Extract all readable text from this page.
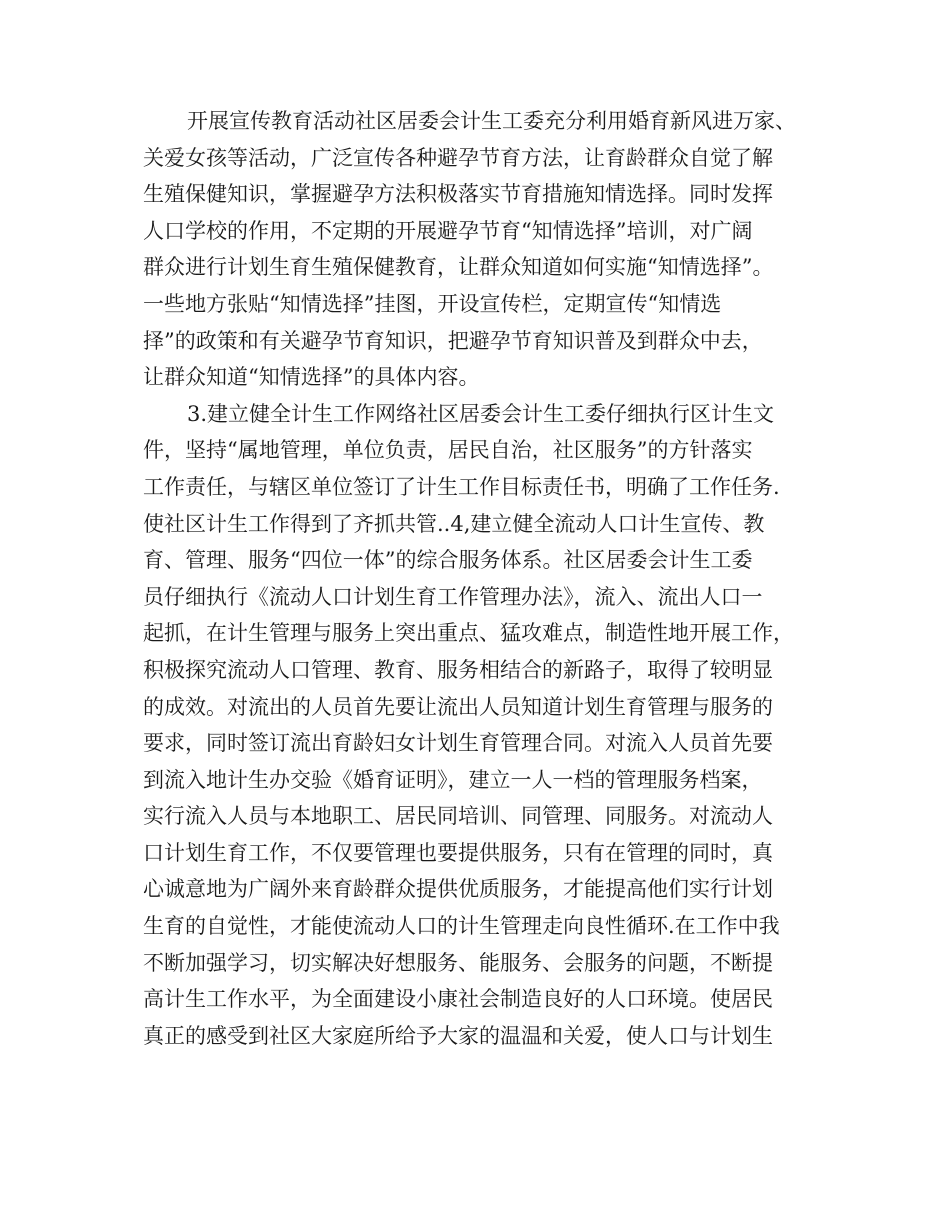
开展宣传教育活动社区居委会计生工委充分利用婚育新风进万家、
关爱女孩等活动，广泛宣传各种避孕节育方法，让育龄群众自觉了解
生殖保健知识，掌握避孕方法积极落实节育措施知情选择。同时发挥
人口学校的作用，不定期的开展避孕节育“知情选择”培训，对广阔
群众进行计划生育生殖保健教育，让群众知道如何实施“知情选择”。
一些地方张贴“知情选择”挂图，开设宣传栏，定期宣传“知情选
择”的政策和有关避孕节育知识，把避孕节育知识普及到群众中去，
让群众知道“知情选择”的具体内容。
3.建立健全计生工作网络社区居委会计生工委仔细执行区计生文
件，坚持“属地管理，单位负责，居民自治，社区服务”的方针落实
工作责任，与辖区单位签订了计生工作目标责任书，明确了工作任务.
使社区计生工作得到了齐抓共管..4,建立健全流动人口计生宣传、教
育、管理、服务“四位一体”的综合服务体系。社区居委会计生工委
员仔细执行《流动人口计划生育工作管理办法》，流入、流出人口一
起抓，在计生管理与服务上突出重点、猛攻难点，制造性地开展工作，
积极探究流动人口管理、教育、服务相结合的新路子，取得了较明显
的成效。对流出的人员首先要让流出人员知道计划生育管理与服务的
要求，同时签订流出育龄妇女计划生育管理合同。对流入人员首先要
到流入地计生办交验《婚育证明》，建立一人一档的管理服务档案，
实行流入人员与本地职工、居民同培训、同管理、同服务。对流动人
口计划生育工作，不仅要管理也要提供服务，只有在管理的同时，真
心诚意地为广阔外来育龄群众提供优质服务，才能提高他们实行计划
生育的自觉性，才能使流动人口的计生管理走向良性循环.在工作中我
不断加强学习，切实解决好想服务、能服务、会服务的问题，不断提
高计生工作水平，为全面建设小康社会制造良好的人口环境。使居民
真正的感受到社区大家庭所给予大家的温温和关爱，使人口与计划生
